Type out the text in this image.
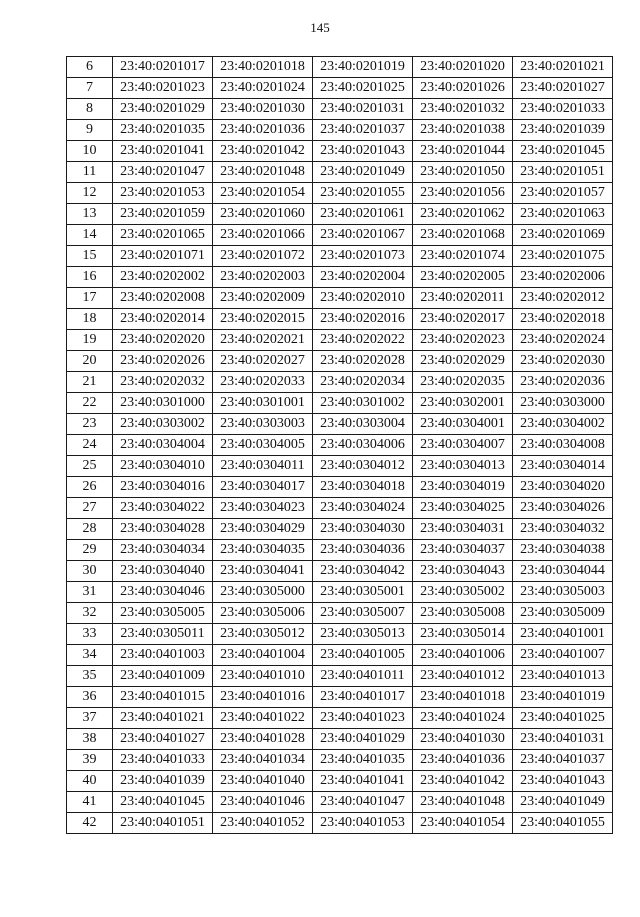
145
6	23:40:0201017	23:40:0201018	23:40:0201019	23:40:0201020	23:40:0201021
7	23:40:0201023	23:40:0201024	23:40:0201025	23:40:0201026	23:40:0201027
8	23:40:0201029	23:40:0201030	23:40:0201031	23:40:0201032	23:40:0201033
9	23:40:0201035	23:40:0201036	23:40:0201037	23:40:0201038	23:40:0201039
10	23:40:0201041	23:40:0201042	23:40:0201043	23:40:0201044	23:40:0201045
11	23:40:0201047	23:40:0201048	23:40:0201049	23:40:0201050	23:40:0201051
12	23:40:0201053	23:40:0201054	23:40:0201055	23:40:0201056	23:40:0201057
13	23:40:0201059	23:40:0201060	23:40:0201061	23:40:0201062	23:40:0201063
14	23:40:0201065	23:40:0201066	23:40:0201067	23:40:0201068	23:40:0201069
15	23:40:0201071	23:40:0201072	23:40:0201073	23:40:0201074	23:40:0201075
16	23:40:0202002	23:40:0202003	23:40:0202004	23:40:0202005	23:40:0202006
17	23:40:0202008	23:40:0202009	23:40:0202010	23:40:0202011	23:40:0202012
18	23:40:0202014	23:40:0202015	23:40:0202016	23:40:0202017	23:40:0202018
19	23:40:0202020	23:40:0202021	23:40:0202022	23:40:0202023	23:40:0202024
20	23:40:0202026	23:40:0202027	23:40:0202028	23:40:0202029	23:40:0202030
21	23:40:0202032	23:40:0202033	23:40:0202034	23:40:0202035	23:40:0202036
22	23:40:0301000	23:40:0301001	23:40:0301002	23:40:0302001	23:40:0303000
23	23:40:0303002	23:40:0303003	23:40:0303004	23:40:0304001	23:40:0304002
24	23:40:0304004	23:40:0304005	23:40:0304006	23:40:0304007	23:40:0304008
25	23:40:0304010	23:40:0304011	23:40:0304012	23:40:0304013	23:40:0304014
26	23:40:0304016	23:40:0304017	23:40:0304018	23:40:0304019	23:40:0304020
27	23:40:0304022	23:40:0304023	23:40:0304024	23:40:0304025	23:40:0304026
28	23:40:0304028	23:40:0304029	23:40:0304030	23:40:0304031	23:40:0304032
29	23:40:0304034	23:40:0304035	23:40:0304036	23:40:0304037	23:40:0304038
30	23:40:0304040	23:40:0304041	23:40:0304042	23:40:0304043	23:40:0304044
31	23:40:0304046	23:40:0305000	23:40:0305001	23:40:0305002	23:40:0305003
32	23:40:0305005	23:40:0305006	23:40:0305007	23:40:0305008	23:40:0305009
33	23:40:0305011	23:40:0305012	23:40:0305013	23:40:0305014	23:40:0401001
34	23:40:0401003	23:40:0401004	23:40:0401005	23:40:0401006	23:40:0401007
35	23:40:0401009	23:40:0401010	23:40:0401011	23:40:0401012	23:40:0401013
36	23:40:0401015	23:40:0401016	23:40:0401017	23:40:0401018	23:40:0401019
37	23:40:0401021	23:40:0401022	23:40:0401023	23:40:0401024	23:40:0401025
38	23:40:0401027	23:40:0401028	23:40:0401029	23:40:0401030	23:40:0401031
39	23:40:0401033	23:40:0401034	23:40:0401035	23:40:0401036	23:40:0401037
40	23:40:0401039	23:40:0401040	23:40:0401041	23:40:0401042	23:40:0401043
41	23:40:0401045	23:40:0401046	23:40:0401047	23:40:0401048	23:40:0401049
42	23:40:0401051	23:40:0401052	23:40:0401053	23:40:0401054	23:40:0401055
